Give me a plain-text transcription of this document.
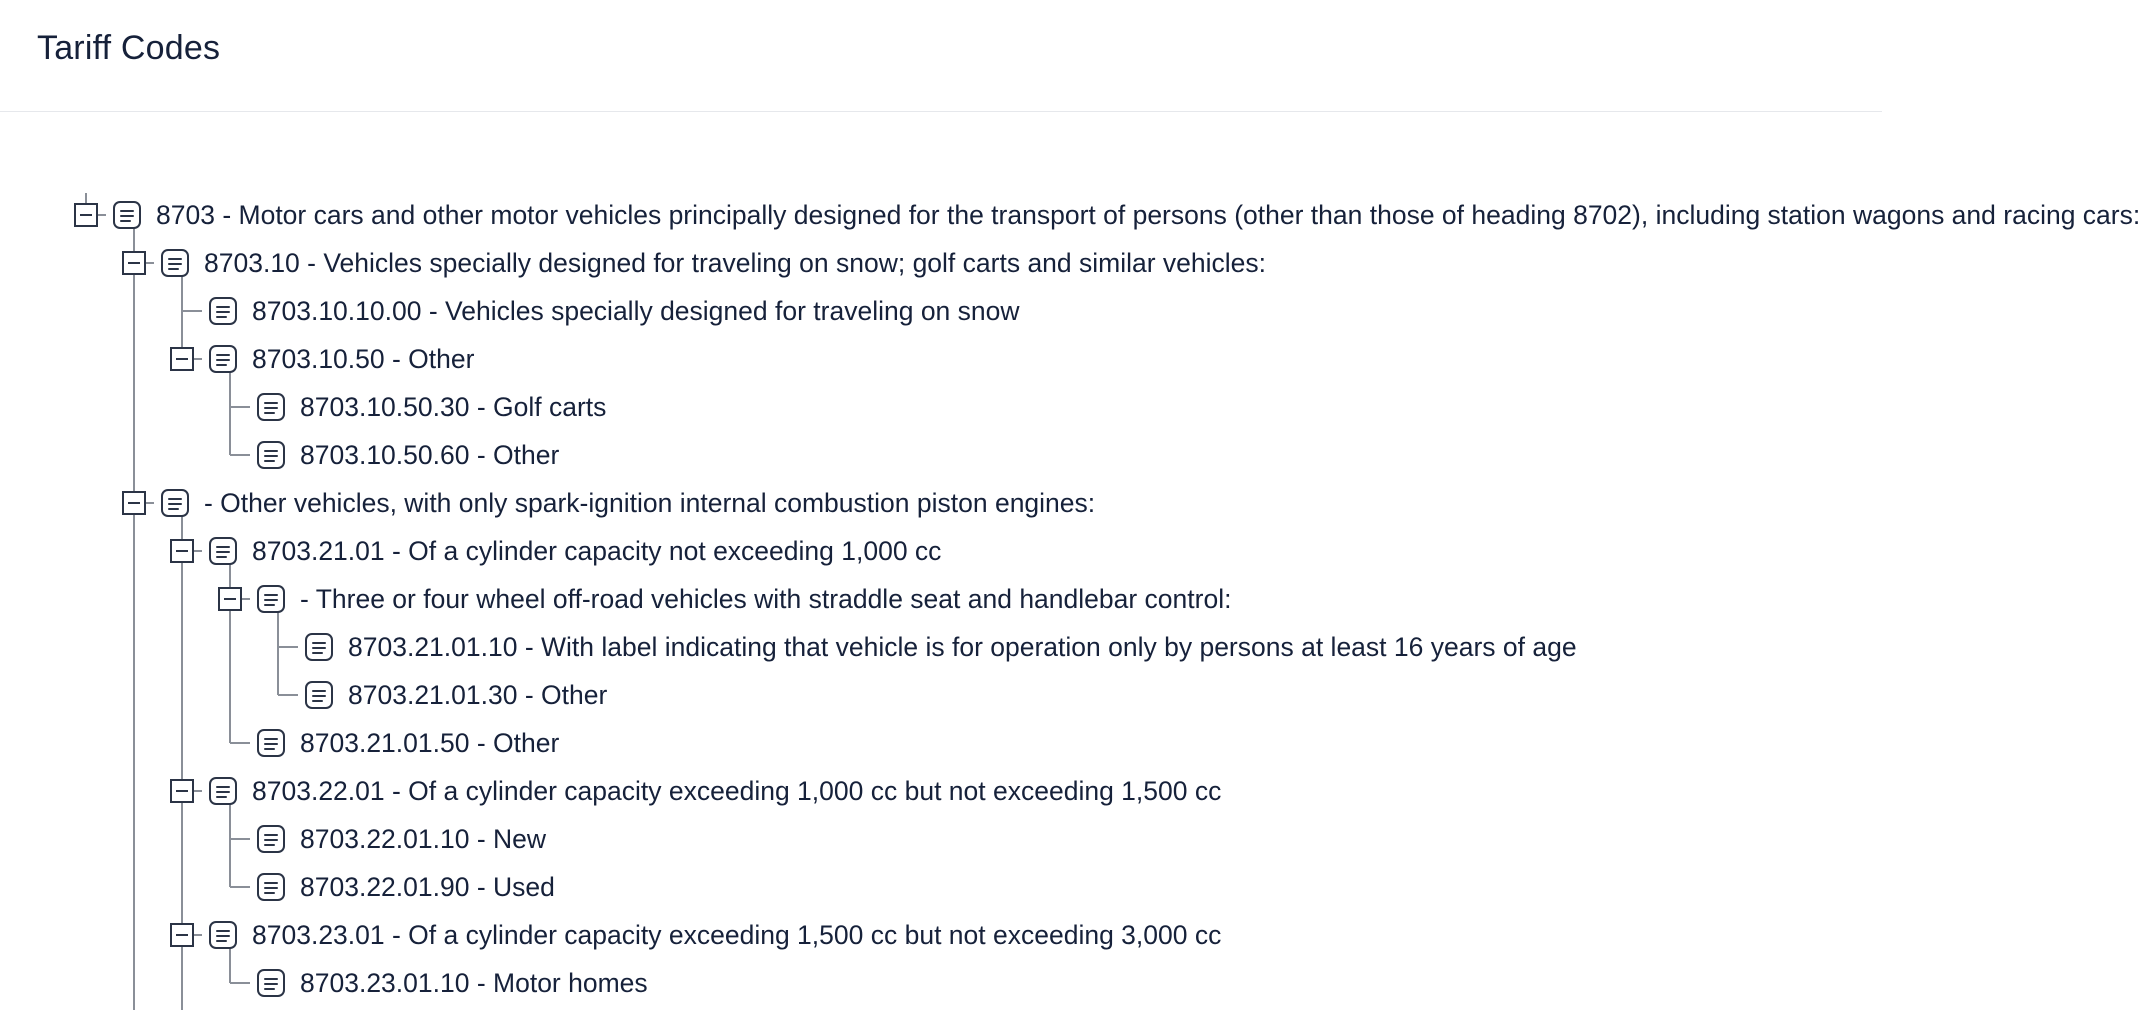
Tariff Codes
8703 - Motor cars and other motor vehicles principally designed for the transport of persons (other than those of heading 8702), including station wagons and racing cars:
8703.10 - Vehicles specially designed for traveling on snow; golf carts and similar vehicles:
8703.10.10.00 - Vehicles specially designed for traveling on snow
8703.10.50 - Other
8703.10.50.30 - Golf carts
8703.10.50.60 - Other
- Other vehicles, with only spark-ignition internal combustion piston engines:
8703.21.01 - Of a cylinder capacity not exceeding 1,000 cc
- Three or four wheel off-road vehicles with straddle seat and handlebar control:
8703.21.01.10 - With label indicating that vehicle is for operation only by persons at least 16 years of age
8703.21.01.30 - Other
8703.21.01.50 - Other
8703.22.01 - Of a cylinder capacity exceeding 1,000 cc but not exceeding 1,500 cc
8703.22.01.10 - New
8703.22.01.90 - Used
8703.23.01 - Of a cylinder capacity exceeding 1,500 cc but not exceeding 3,000 cc
8703.23.01.10 - Motor homes
